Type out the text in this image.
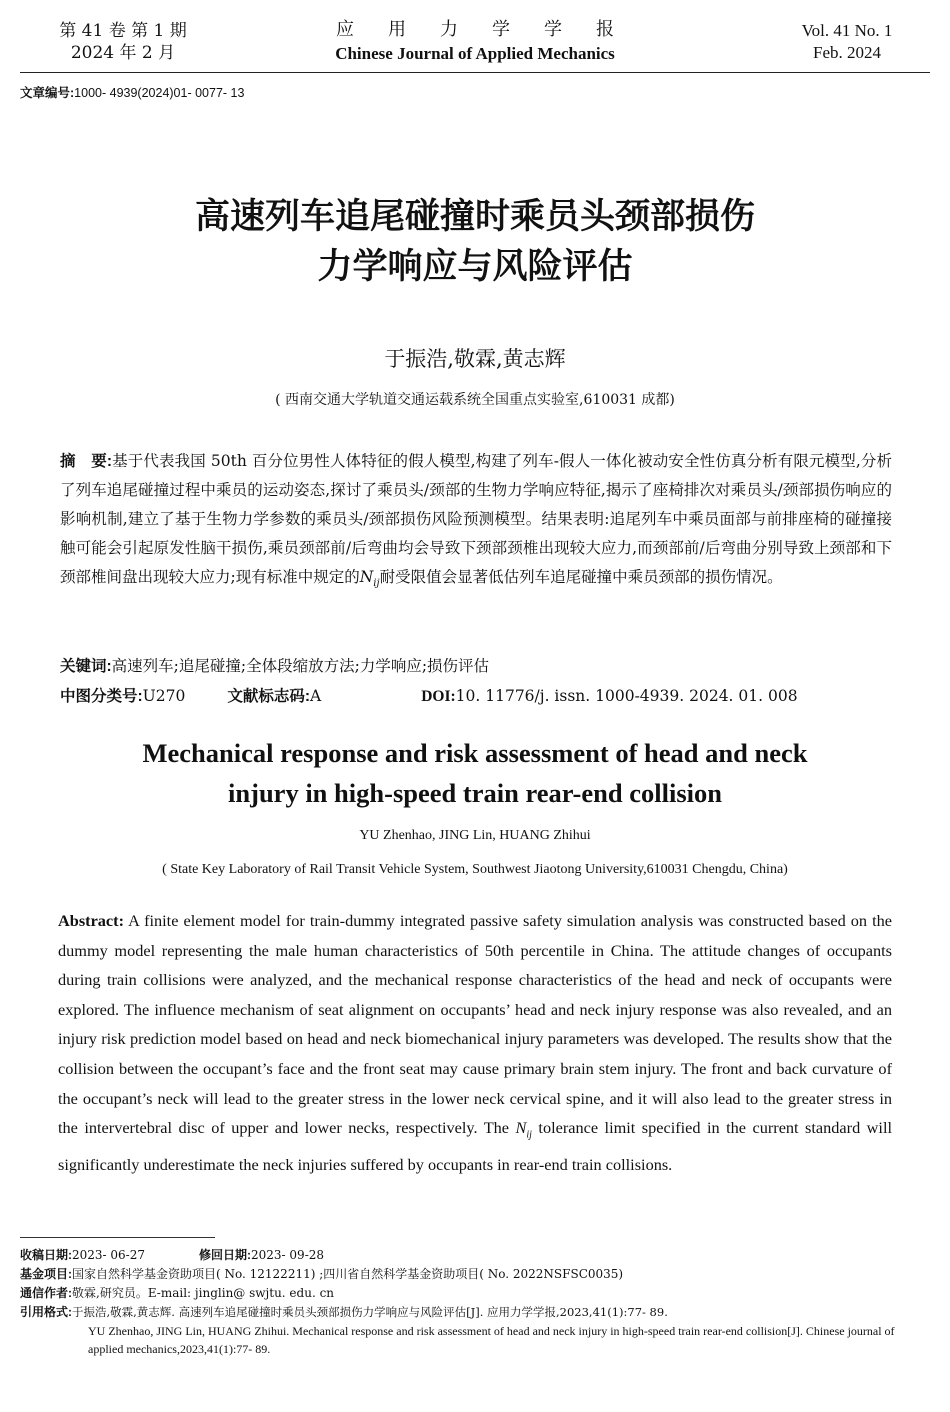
第 41 卷 第 1 期
2024 年 2 月
应用力学学报
Chinese Journal of Applied Mechanics
Vol. 41 No. 1
Feb. 2024
文章编号:1000- 4939(2024)01- 0077- 13
高速列车追尾碰撞时乘员头颈部损伤
力学响应与风险评估
于振浩,敬霖,黄志辉
( 西南交通大学轨道交通运载系统全国重点实验室,610031 成都)
摘　要:基于代表我国 50th 百分位男性人体特征的假人模型,构建了列车-假人一体化被动安全性仿真分析有限元模型,分析了列车追尾碰撞过程中乘员的运动姿态,探讨了乘员头/颈部的生物力学响应特征,揭示了座椅排次对乘员头/颈部损伤响应的影响机制,建立了基于生物力学参数的乘员头/颈部损伤风险预测模型。结果表明:追尾列车中乘员面部与前排座椅的碰撞接触可能会引起原发性脑干损伤,乘员颈部前/后弯曲均会导致下颈部颈椎出现较大应力,而颈部前/后弯曲分别导致上颈部和下颈部椎间盘出现较大应力;现有标准中规定的$N_{ij}$耐受限值会显著低估列车追尾碰撞中乘员颈部的损伤情况。
关键词:高速列车;追尾碰撞;全体段缩放方法;力学响应;损伤评估
中图分类号:U270	文献标志码:A	DOI:10. 11776/j. issn. 1000-4939. 2024. 01. 008
Mechanical response and risk assessment of head and neck
injury in high-speed train rear-end collision
YU Zhenhao, JING Lin, HUANG Zhihui
( State Key Laboratory of Rail Transit Vehicle System, Southwest Jiaotong University,610031 Chengdu, China)
Abstract: A finite element model for train-dummy integrated passive safety simulation analysis was constructed based on the dummy model representing the male human characteristics of 50th percentile in China. The attitude changes of occupants during train collisions were analyzed, and the mechanical response characteristics of the head and neck of occupants were explored. The influence mechanism of seat alignment on occupants’ head and neck injury response was also revealed, and an injury risk prediction model based on head and neck biomechanical injury parameters was developed. The results show that the collision between the occupant’s face and the front seat may cause primary brain stem injury. The front and back curvature of the occupant’s neck will lead to the greater stress in the lower neck cervical spine, and it will also lead to the greater stress in the intervertebral disc of upper and lower necks, respectively. The $N_{ij}$ tolerance limit specified in the current standard will significantly underestimate the neck injuries suffered by occupants in rear-end train collisions.
收稿日期:2023- 06-27	修回日期:2023- 09-28
基金项目:国家自然科学基金资助项目( No. 12122211) ;四川省自然科学基金资助项目( No. 2022NSFSC0035)
通信作者:敬霖,研究员。E-mail: jinglin@ swjtu. edu. cn
引用格式:于振浩,敬霖,黄志辉. 高速列车追尾碰撞时乘员头颈部损伤力学响应与风险评估[J]. 应用力学学报,2023,41(1):77- 89.
YU Zhenhao, JING Lin, HUANG Zhihui. Mechanical response and risk assessment of head and neck injury in high-speed train rear-end collision[J]. Chinese journal of applied mechanics,2023,41(1):77- 89.
